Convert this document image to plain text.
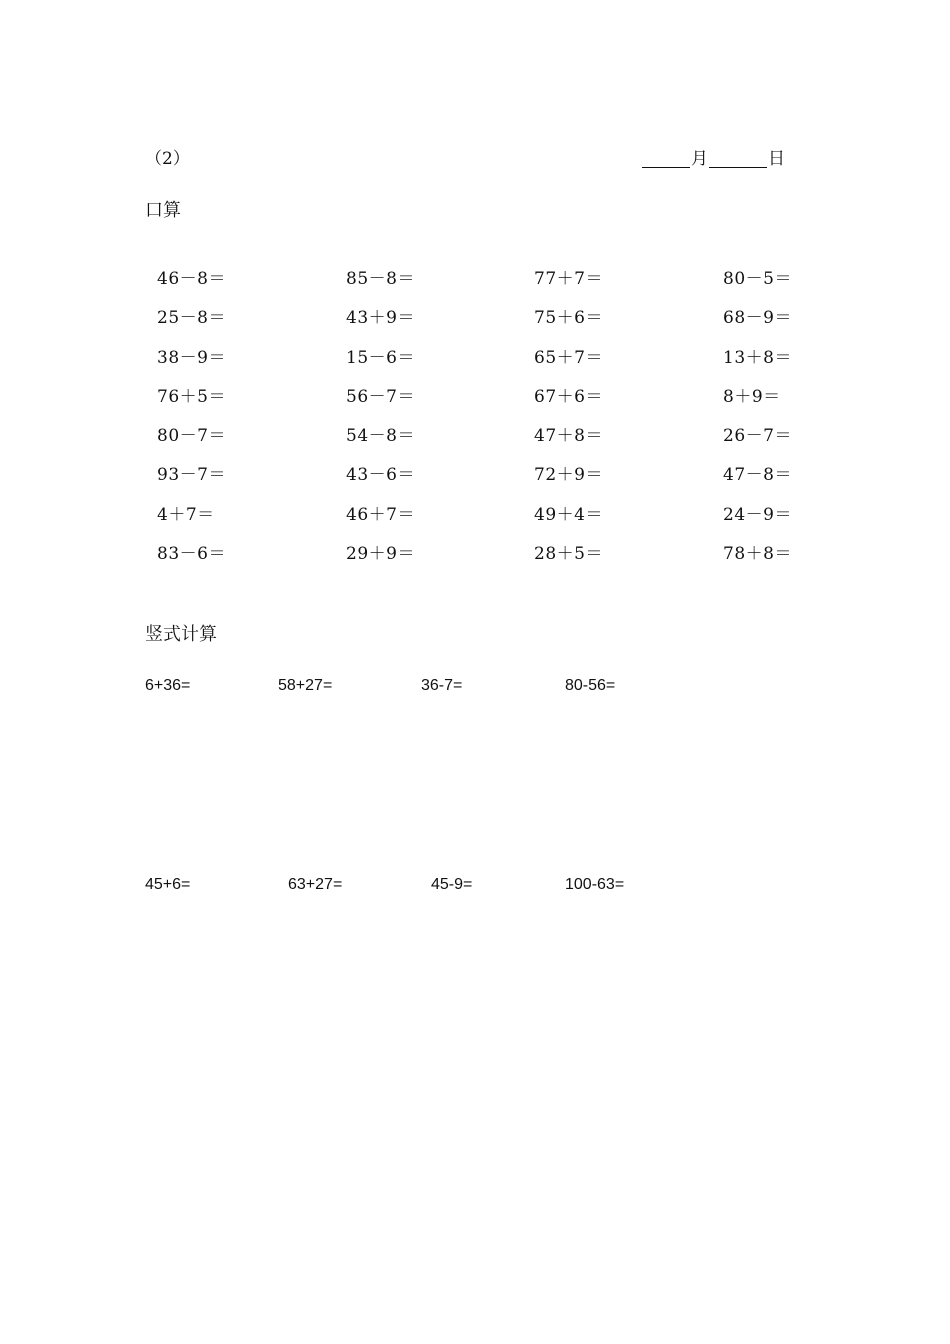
（2）	月	日
口算
46－8＝	85－8＝	77＋7＝	80－5＝
25－8＝	43＋9＝	75＋6＝	68－9＝
38－9＝	15－6＝	65＋7＝	13＋8＝
76＋5＝	56－7＝	67＋6＝	8＋9＝
80－7＝	54－8＝	47＋8＝	26－7＝
93－7＝	43－6＝	72＋9＝	47－8＝
4＋7＝	46＋7＝	49＋4＝	24－9＝
83－6＝	29＋9＝	28＋5＝	78＋8＝
竖式计算
6+36=	58+27=	36-7=	80-56=
45+6=	63+27=	45-9=	100-63=
